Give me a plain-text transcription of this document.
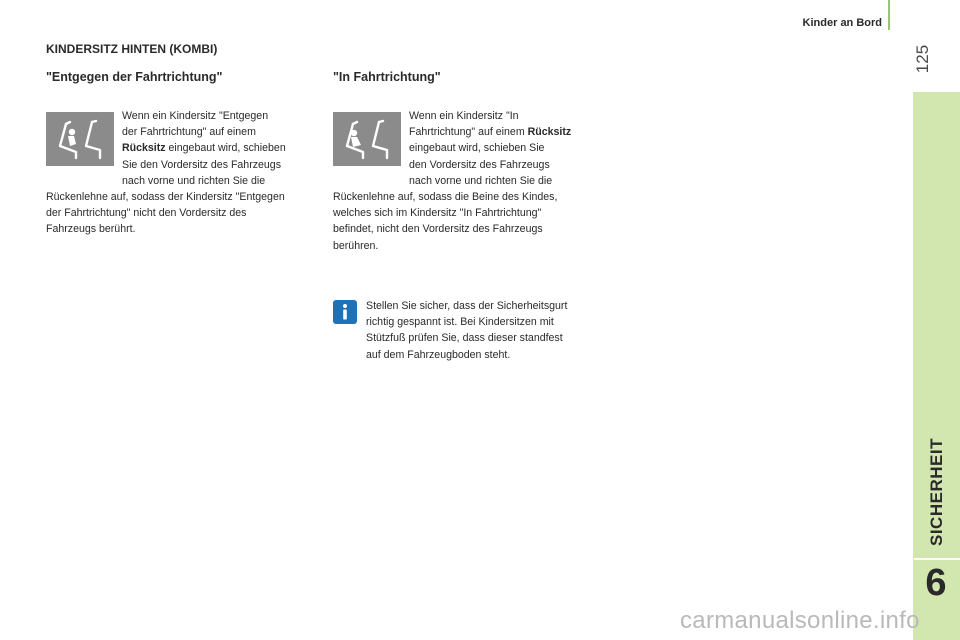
Kinder an Bord
125
SICHERHEIT
6
KINDERSITZ HINTEN (KOMBI)
"Entgegen der Fahrtrichtung"
Wenn ein Kindersitz "Entgegen
der Fahrtrichtung" auf einem
Rücksitz eingebaut wird, schieben
Sie den Vordersitz des Fahrzeugs
nach vorne und richten Sie die
Rückenlehne auf, sodass der Kindersitz "Entgegen
der Fahrtrichtung" nicht den Vordersitz des
Fahrzeugs berührt.
"In Fahrtrichtung"
Wenn ein Kindersitz "In
Fahrtrichtung" auf einem Rücksitz
eingebaut wird, schieben Sie
den Vordersitz des Fahrzeugs
nach vorne und richten Sie die
Rückenlehne auf, sodass die Beine des Kindes,
welches sich im Kindersitz "In Fahrtrichtung"
befindet, nicht den Vordersitz des Fahrzeugs
berühren.
Stellen Sie sicher, dass der Sicherheitsgurt
richtig gespannt ist. Bei Kindersitzen mit
Stützfuß prüfen Sie, dass dieser standfest
auf dem Fahrzeugboden steht.
carmanualsonline.info
